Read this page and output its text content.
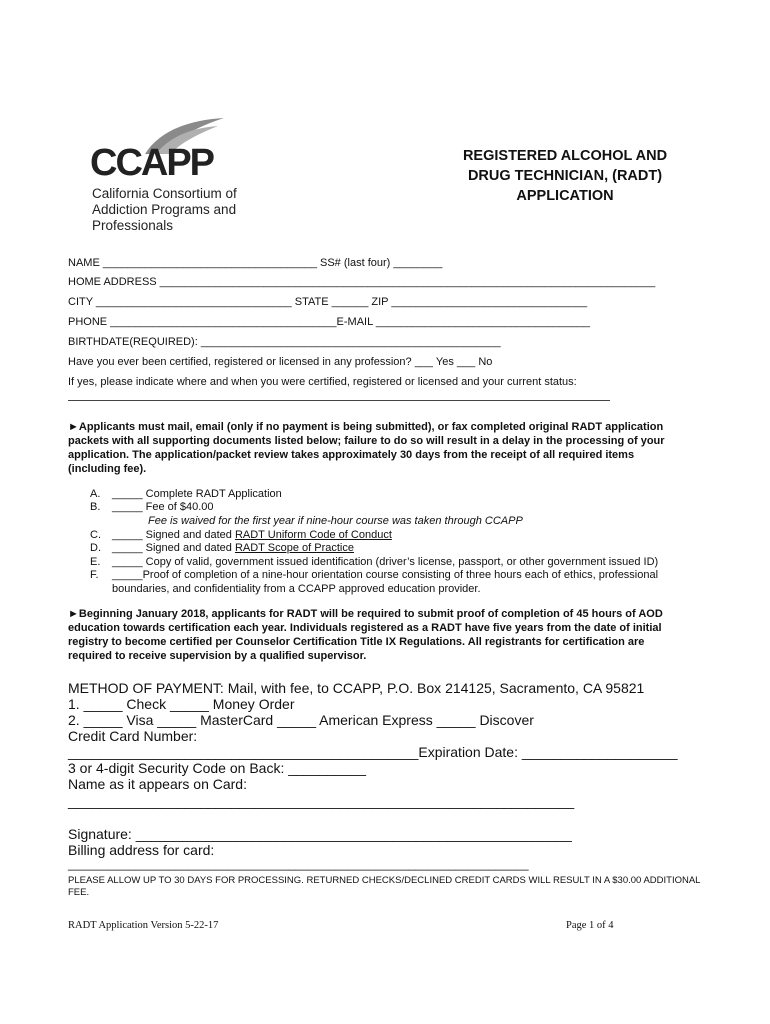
CCAPP
California Consortium of
Addiction Programs and
Professionals
REGISTERED ALCOHOL AND
DRUG TECHNICIAN, (RADT)
APPLICATION
NAME ___________________________________ SS# (last four) ________
HOME ADDRESS _________________________________________________________________________________
CITY ________________________________ STATE ______ ZIP ________________________________
PHONE _____________________________________E-MAIL ___________________________________
BIRTHDATE(REQUIRED): _________________________________________________
Have you ever been certified, registered or licensed in any profession? ___ Yes ___ No
If yes, please indicate where and when you were certified, registered or licensed and your current status:
►Applicants must mail, email (only if no payment is being submitted), or fax completed original RADT application packets with all supporting documents listed below; failure to do so will result in a delay in the processing of your application. The application/packet review takes approximately 30 days from the receipt of all required items (including fee).
A. _____ Complete RADT Application
B. _____ Fee of $40.00
Fee is waived for the first year if nine-hour course was taken through CCAPP
C. _____ Signed and dated RADT Uniform Code of Conduct
D. _____ Signed and dated RADT Scope of Practice
E. _____ Copy of valid, government issued identification (driver’s license, passport, or other government issued ID)
F. _____Proof of completion of a nine-hour orientation course consisting of three hours each of ethics, professional
boundaries, and confidentiality from a CCAPP approved education provider.
►Beginning January 2018, applicants for RADT will be required to submit proof of completion of 45 hours of AOD education towards certification each year. Individuals registered as a RADT have five years from the date of initial registry to become certified per Counselor Certification Title IX Regulations. All registrants for certification are required to receive supervision by a qualified supervisor.
METHOD OF PAYMENT: Mail, with fee, to CCAPP, P.O. Box 214125, Sacramento, CA 95821
1. _____ Check _____ Money Order
2. _____ Visa _____ MasterCard _____ American Express _____ Discover
Credit Card Number:
_____________________________________________Expiration Date: ____________________
3 or 4-digit Security Code on Back: __________
Name as it appears on Card:
_________________________________________________________________
Signature: ________________________________________________________
Billing address for card:
_____________________________________________________________________
PLEASE ALLOW UP TO 30 DAYS FOR PROCESSING. RETURNED CHECKS/DECLINED CREDIT CARDS WILL RESULT IN A $30.00 ADDITIONAL FEE.
RADT Application Version 5-22-17	Page 1 of 4
